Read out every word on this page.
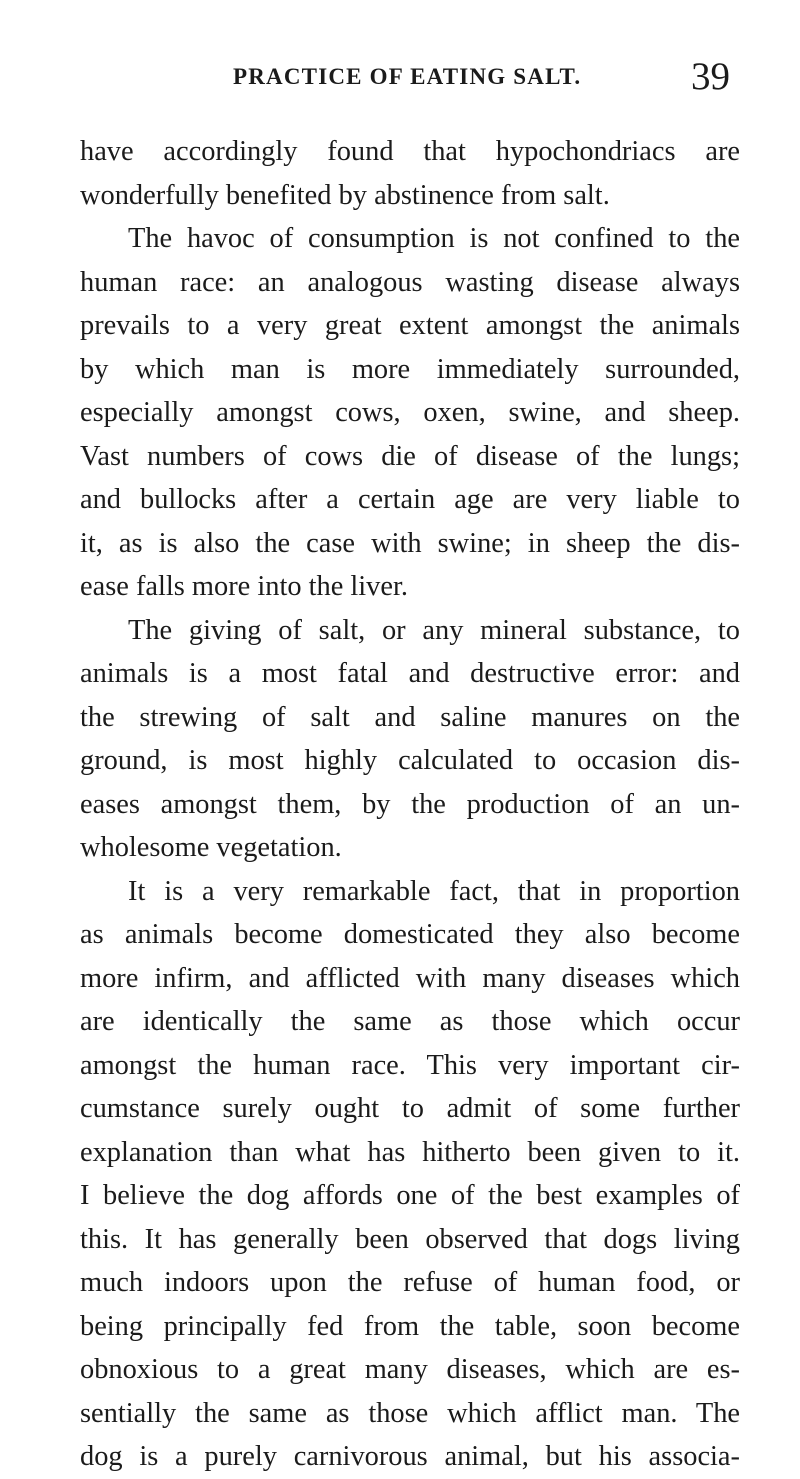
PRACTICE OF EATING SALT.	39
have accordingly found that hypochondriacs are
wonderfully benefited by abstinence from salt.
The havoc of consumption is not confined to the
human race: an analogous wasting disease always
prevails to a very great extent amongst the animals
by which man is more immediately surrounded,
especially amongst cows, oxen, swine, and sheep.
Vast numbers of cows die of disease of the lungs;
and bullocks after a certain age are very liable to
it, as is also the case with swine; in sheep the dis-
ease falls more into the liver.
The giving of salt, or any mineral substance, to
animals is a most fatal and destructive error: and
the strewing of salt and saline manures on the
ground, is most highly calculated to occasion dis-
eases amongst them, by the production of an un-
wholesome vegetation.
It is a very remarkable fact, that in proportion
as animals become domesticated they also become
more infirm, and afflicted with many diseases which
are identically the same as those which occur
amongst the human race. This very important cir-
cumstance surely ought to admit of some further
explanation than what has hitherto been given to it.
I believe the dog affords one of the best examples of
this. It has generally been observed that dogs living
much indoors upon the refuse of human food, or
being principally fed from the table, soon become
obnoxious to a great many diseases, which are es-
sentially the same as those which afflict man. The
dog is a purely carnivorous animal, but his associa-
